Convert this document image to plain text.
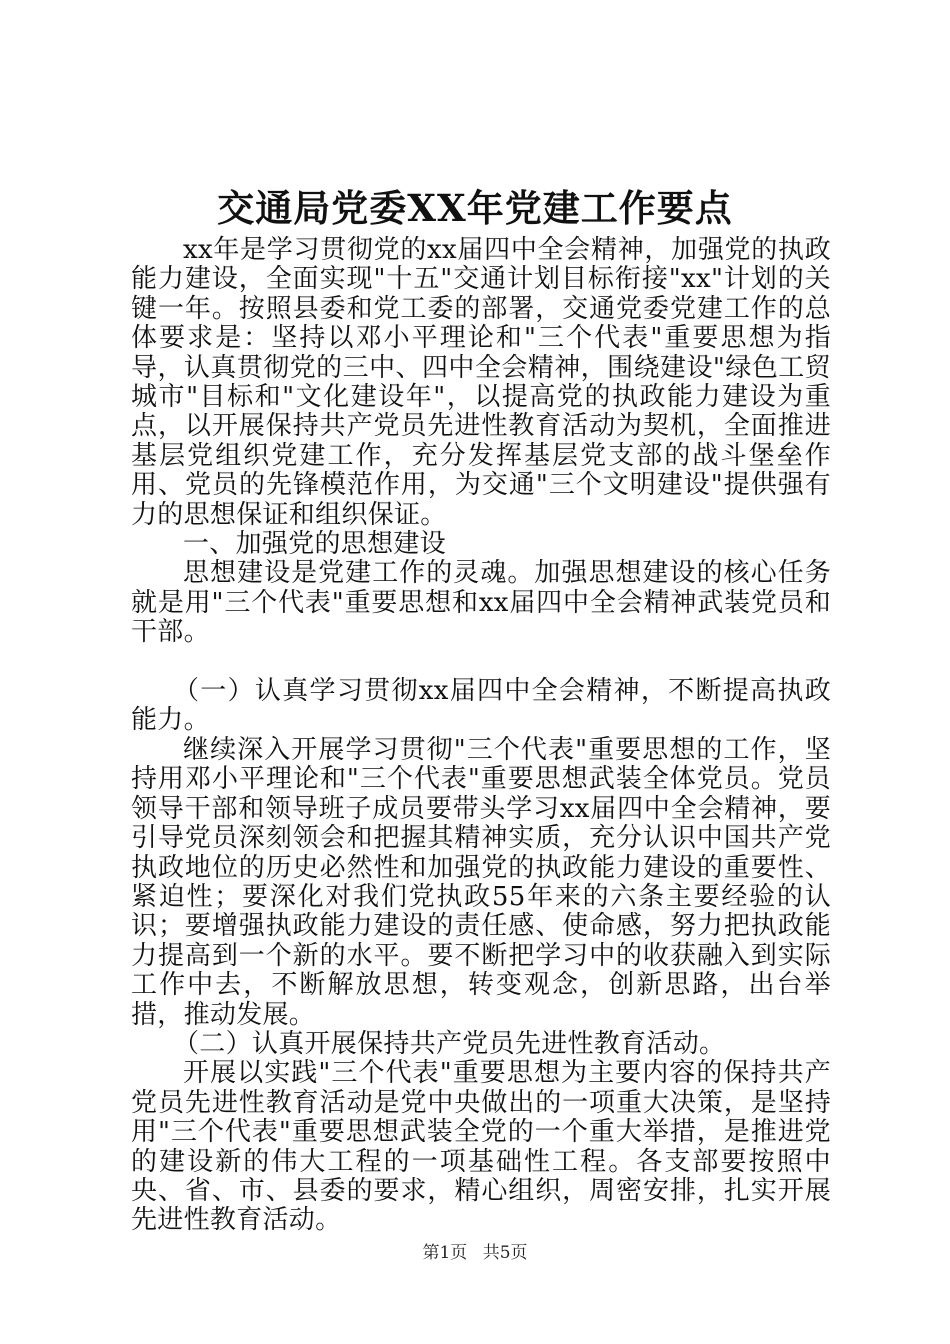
交通局党委XX年党建工作要点

xx年是学习贯彻党的xx届四中全会精神，加强党的执政能力建设，全面实现"十五"交通计划目标衔接"xx"计划的关键一年。按照县委和党工委的部署，交通党委党建工作的总体要求是：坚持以邓小平理论和"三个代表"重要思想为指导，认真贯彻党的三中、四中全会精神，围绕建设"绿色工贸城市"目标和"文化建设年"，以提高党的执政能力建设为重点，以开展保持共产党员先进性教育活动为契机，全面推进基层党组织党建工作，充分发挥基层党支部的战斗堡垒作用、党员的先锋模范作用，为交通"三个文明建设"提供强有力的思想保证和组织保证。

一、加强党的思想建设

思想建设是党建工作的灵魂。加强思想建设的核心任务就是用"三个代表"重要思想和xx届四中全会精神武装党员和干部。

（一）认真学习贯彻xx届四中全会精神，不断提高执政能力。

继续深入开展学习贯彻"三个代表"重要思想的工作，坚持用邓小平理论和"三个代表"重要思想武装全体党员。党员领导干部和领导班子成员要带头学习xx届四中全会精神，要引导党员深刻领会和把握其精神实质，充分认识中国共产党执政地位的历史必然性和加强党的执政能力建设的重要性、紧迫性；要深化对我们党执政55年来的六条主要经验的认识；要增强执政能力建设的责任感、使命感，努力把执政能力提高到一个新的水平。要不断把学习中的收获融入到实际工作中去，不断解放思想，转变观念，创新思路，出台举措，推动发展。

（二）认真开展保持共产党员先进性教育活动。

开展以实践"三个代表"重要思想为主要内容的保持共产党员先进性教育活动是党中央做出的一项重大决策，是坚持用"三个代表"重要思想武装全党的一个重大举措，是推进党的建设新的伟大工程的一项基础性工程。各支部要按照中央、省、市、县委的要求，精心组织，周密安排，扎实开展先进性教育活动。

第1页 共5页
